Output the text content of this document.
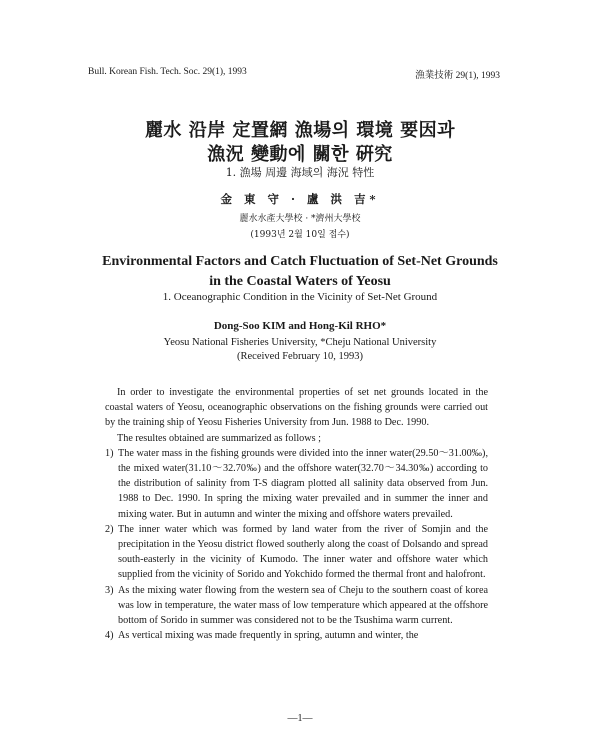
Bull. Korean Fish. Tech. Soc. 29(1), 1993	漁業技術 29(1), 1993
麗水 沿岸 定置網 漁場의 環境 要因과
漁況 變動에 關한 硏究
1. 漁場 周邊 海域의 海況 特性
金 東 守 · 盧 洪 吉*
麗水水產大學校 · *濟州大學校
(1993년 2월 10일 접수)
Environmental Factors and Catch Fluctuation of Set-Net Grounds
in the Coastal Waters of Yeosu
1. Oceanographic Condition in the Vicinity of Set-Net Ground
Dong-Soo KIM and Hong-Kil RHO*
Yeosu National Fisheries University, *Cheju National University
(Received February 10, 1993)

In order to investigate the environmental properties of set net grounds located in the coastal waters of Yeosu, oceanographic observations on the fishing grounds were carried out by the training ship of Yeosu Fisheries University from Jun. 1988 to Dec. 1990.

The resultes obtained are summarized as follows ;

1) The water mass in the fishing grounds were divided into the inner water(29.50～31.00‰), the mixed water(31.10～32.70‰) and the offshore water(32.70～34.30‰) according to the distribution of salinity from T-S diagram plotted all salinity data observed from Jun. 1988 to Dec. 1990. In spring the mixing water prevailed and in summer the inner and mixing water. But in autumn and winter the mixing and offshore waters prevailed.
2) The inner water which was formed by land water from the river of Somjin and the precipitation in the Yeosu district flowed southerly along the coast of Dolsando and spread south-easterly in the vicinity of Kumodo. The inner water and offshore water which supplied from the vicinity of Sorido and Yokchido formed the thermal front and halofront.
3) As the mixing water flowing from the western sea of Cheju to the southern coast of korea was low in temperature, the water mass of low temperature which appeared at the offshore bottom of Sorido in summer was considered not to be the Tsushima warm current.
4) As vertical mixing was made frequently in spring, autumn and winter, the
—1—
